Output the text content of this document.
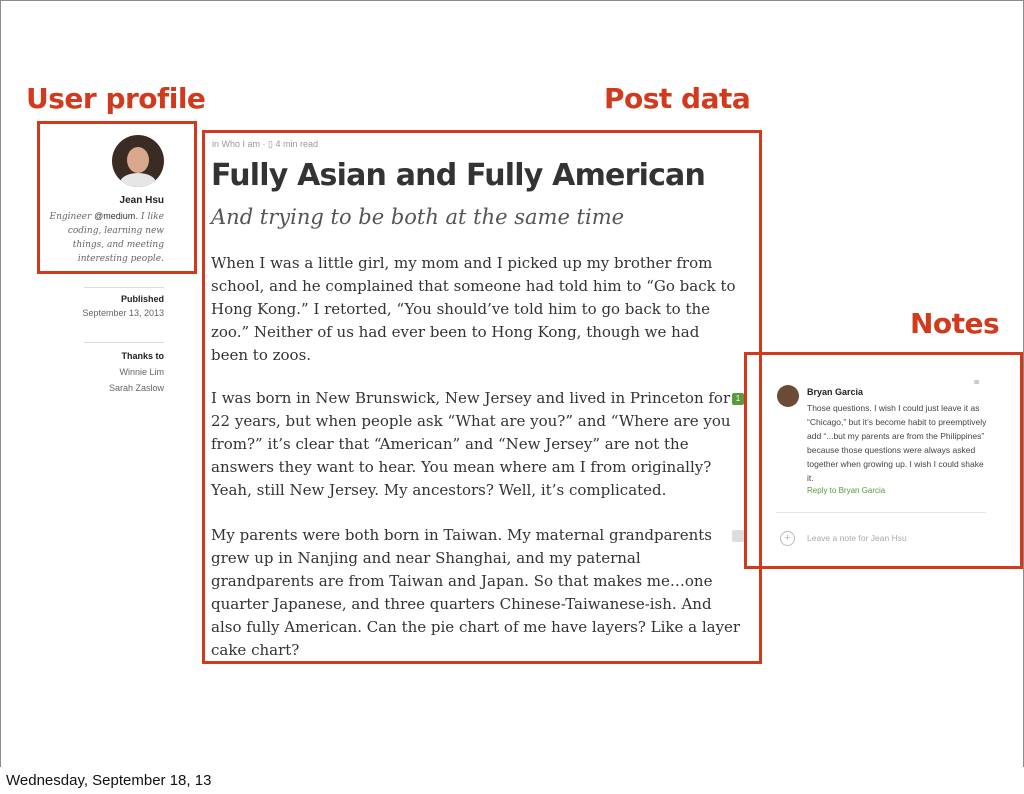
User profile	Post data
Notes
Jean Hsu
Engineer @medium. I like coding, learning new things, and meeting interesting people.
Published
September 13, 2013
Thanks to
Winnie Lim
Sarah Zaslow
in Who I am · ▯ 4 min read
Fully Asian and Fully American
And trying to be both at the same time
When I was a little girl, my mom and I picked up my brother from school, and he complained that someone had told him to “Go back to Hong Kong.” I retorted, “You should’ve told him to go back to the zoo.” Neither of us had ever been to Hong Kong, though we had been to zoos.
I was born in New Brunswick, New Jersey and lived in Princeton for 22 years, but when people ask “What are you?” and “Where are you from?” it’s clear that “American” and “New Jersey” are not the answers they want to hear. You mean where am I from originally? Yeah, still New Jersey. My ancestors? Well, it’s complicated.
My parents were both born in Taiwan. My maternal grandparents grew up in Nanjing and near Shanghai, and my paternal grandparents are from Taiwan and Japan. So that makes me…one quarter Japanese, and three quarters Chinese-Taiwanese-ish. And also fully American. Can the pie chart of me have layers? Like a layer cake chart?
1
Bryan Garcia
⚭
Those questions. I wish I could just leave it as “Chicago,” but it’s become habit to preemptively add “...but my parents are from the Philippines” because those questions were always asked together when growing up. I wish I could shake it.
Reply to Bryan Garcia
+	Leave a note for Jean Hsu
Wednesday, September 18, 13
